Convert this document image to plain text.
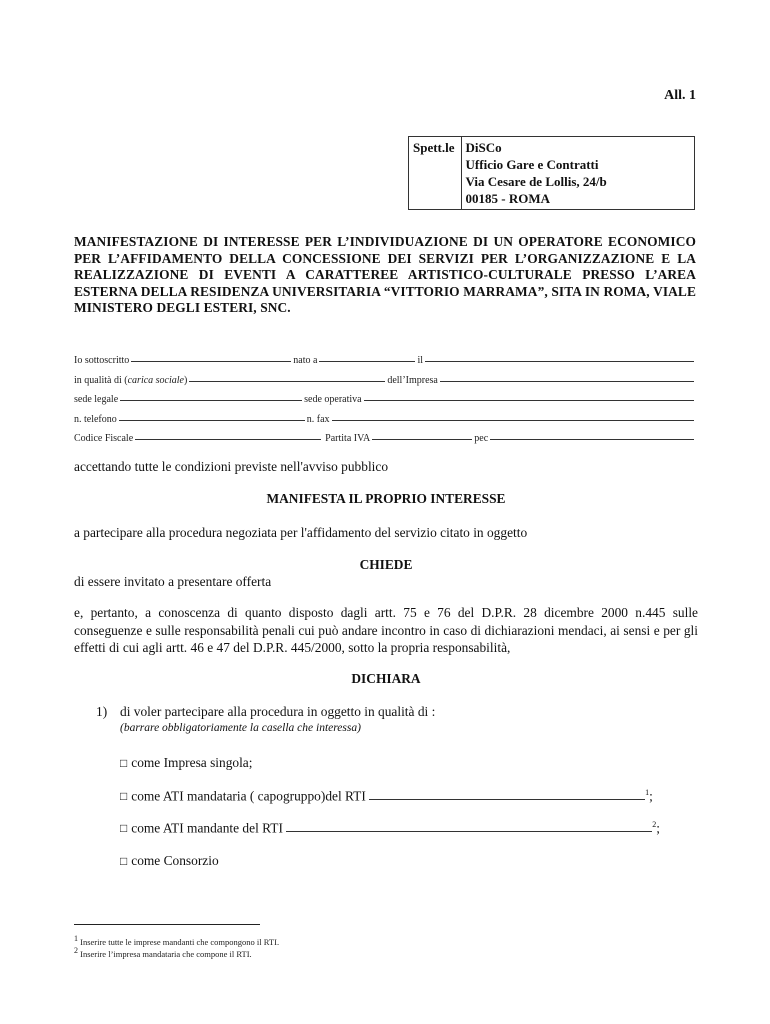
All. 1
Spett.le	DiSCo
Ufficio Gare e Contratti
Via Cesare de Lollis, 24/b
00185 - ROMA
MANIFESTAZIONE DI INTERESSE PER L’INDIVIDUAZIONE DI UN OPERATORE ECONOMICO PER L’AFFIDAMENTO DELLA CONCESSIONE DEI SERVIZI PER L’ORGANIZZAZIONE E LA REALIZZAZIONE DI EVENTI A CARATTEREE ARTISTICO-CULTURALE PRESSO L’AREA ESTERNA DELLA RESIDENZA UNIVERSITARIA “VITTORIO MARRAMA”, SITA IN ROMA, VIALE MINISTERO DEGLI ESTERI, SNC.
Io sottoscritto	nato a	il
in qualità di ( carica sociale )	dell’Impresa
sede legale	sede operativa
n. telefono	n. fax
Codice Fiscale	Partita IVA	pec
accettando tutte le condizioni previste nell'avviso pubblico
MANIFESTA IL PROPRIO INTERESSE
a partecipare alla procedura negoziata per l'affidamento del servizio citato in oggetto
CHIEDE
di essere invitato a presentare offerta
e, pertanto, a conoscenza di quanto disposto dagli artt. 75 e 76 del D.P.R. 28 dicembre 2000 n.445 sulle conseguenze e sulle responsabilità penali cui può andare incontro in caso di dichiarazioni mendaci, ai sensi e per gli effetti di cui agli artt. 46 e 47 del D.P.R. 445/2000, sotto la propria responsabilità,
DICHIARA
1) di voler partecipare alla procedura in oggetto in qualità di :
(barrare obbligatoriamente la casella che interessa)
□ come Impresa singola;
□ come ATI mandataria ( capogruppo)del RTI	$^1$;
□ come ATI mandante del RTI	$^2$;
□ come Consorzio
$^1$ Inserire tutte le imprese mandanti che compongono il RTI.
$^2$ Inserire l’impresa mandataria che compone il RTI.
